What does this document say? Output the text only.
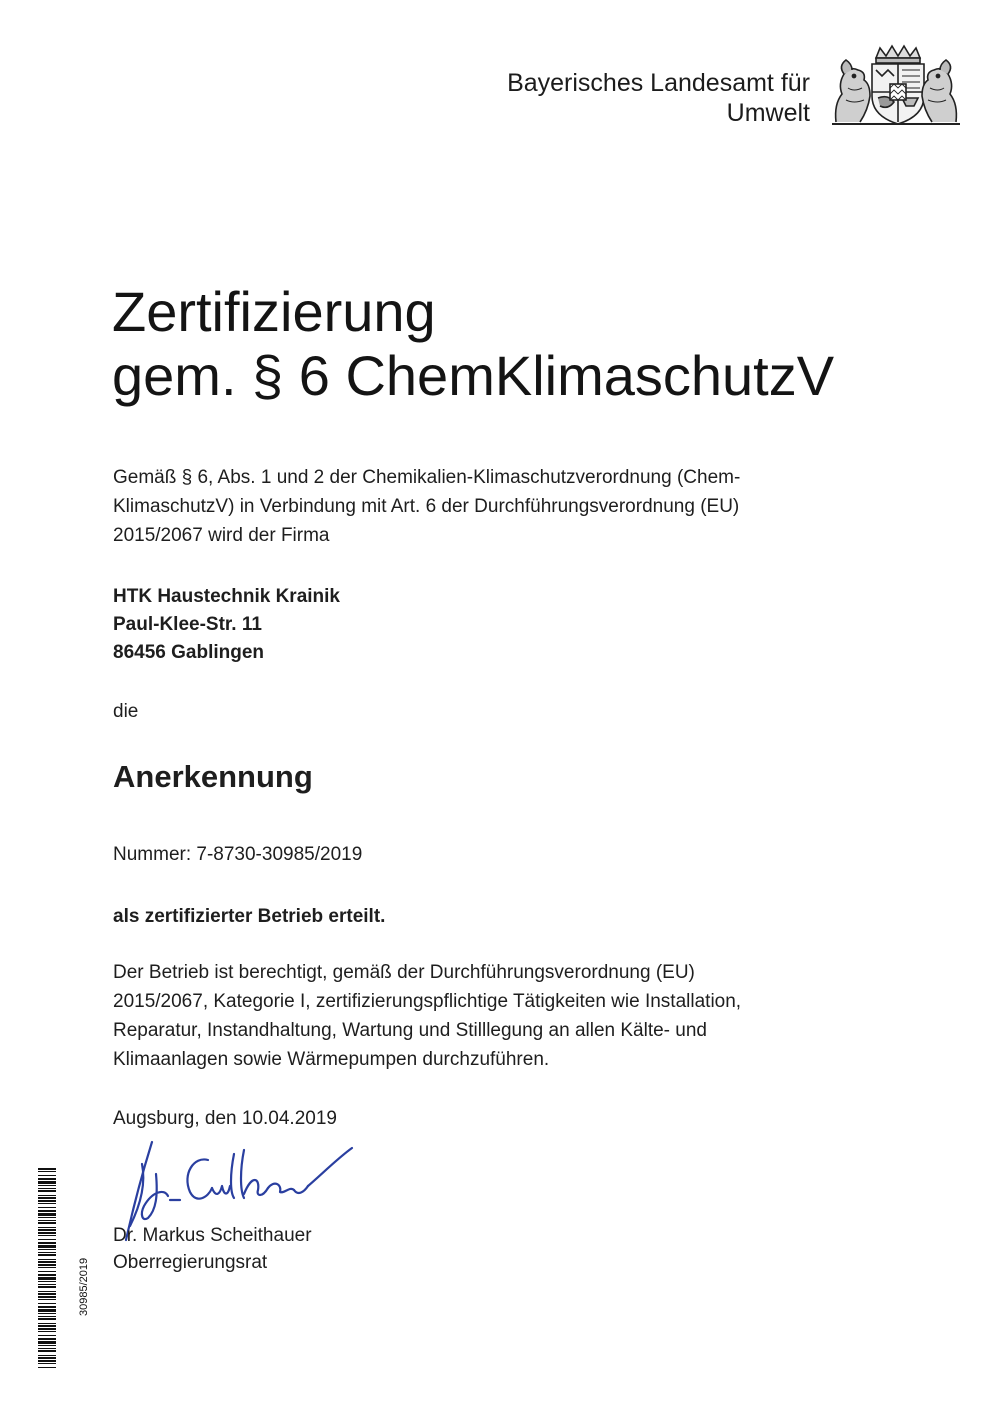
Bayerisches Landesamt für
Umwelt
Zertifizierung
gem. § 6 ChemKlimaschutzV
Gemäß § 6, Abs. 1 und 2 der Chemikalien-Klimaschutzverordnung (Chem-KlimaschutzV) in Verbindung mit Art. 6 der Durchführungsverordnung (EU) 2015/2067 wird der Firma
HTK Haustechnik Krainik
Paul-Klee-Str. 11
86456 Gablingen
die
Anerkennung
Nummer: 7-8730-30985/2019
als zertifizierter Betrieb erteilt.
Der Betrieb ist berechtigt, gemäß der Durchführungsverordnung (EU) 2015/2067, Kategorie I, zertifizierungspflichtige Tätigkeiten wie Installation, Reparatur, Instandhaltung, Wartung und Stilllegung an allen Kälte- und Klimaanlagen sowie Wärmepumpen durchzuführen.
Augsburg, den 10.04.2019
Dr. Markus Scheithauer
Oberregierungsrat
30985/2019
